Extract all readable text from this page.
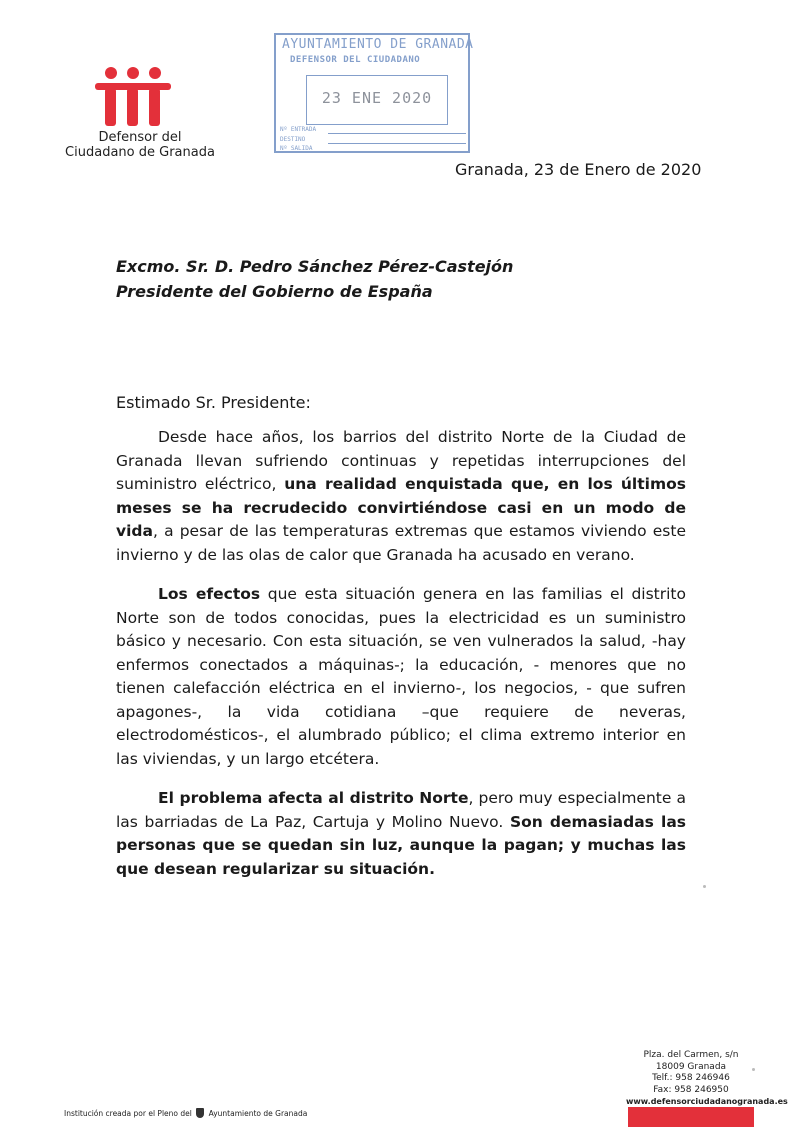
Defensor del
Ciudadano de Granada
AYUNTAMIENTO DE GRANADA
DEFENSOR DEL CIUDADANO
23 ENE 2020
Nº ENTRADA
DESTINO
Nº SALIDA
Granada, 23 de Enero de 2020
Excmo. Sr. D. Pedro Sánchez Pérez-Castejón
Presidente del Gobierno de España
Estimado Sr. Presidente:

Desde hace años, los barrios del distrito Norte de la Ciudad de Granada llevan sufriendo continuas y repetidas interrupciones del suministro eléctrico, una realidad enquistada que, en los últimos meses se ha recrudecido convirtiéndose casi en un modo de vida, a pesar de las temperaturas extremas que estamos viviendo este invierno y de las olas de calor que Granada ha acusado en verano.

Los efectos que esta situación genera en las familias el distrito Norte son de todos conocidas, pues la electricidad es un suministro básico y necesario. Con esta situación, se ven vulnerados la salud, -hay enfermos conectados a máquinas-; la educación, - menores que no tienen calefacción eléctrica en el invierno-, los negocios, - que sufren apagones-, la vida cotidiana –que requiere de neveras, electrodomésticos-, el alumbrado público; el clima extremo interior en las viviendas, y un largo etcétera.

El problema afecta al distrito Norte, pero muy especialmente a las barriadas de La Paz, Cartuja y Molino Nuevo. Son demasiadas las personas que se quedan sin luz, aunque la pagan; y muchas las que desean regularizar su situación.

Plza. del Carmen, s/n
18009 Granada
Telf.: 958 246946
Fax: 958 246950
www.defensorciudadanogranada.es
Institución creada por el Pleno del Ayuntamiento de Granada
